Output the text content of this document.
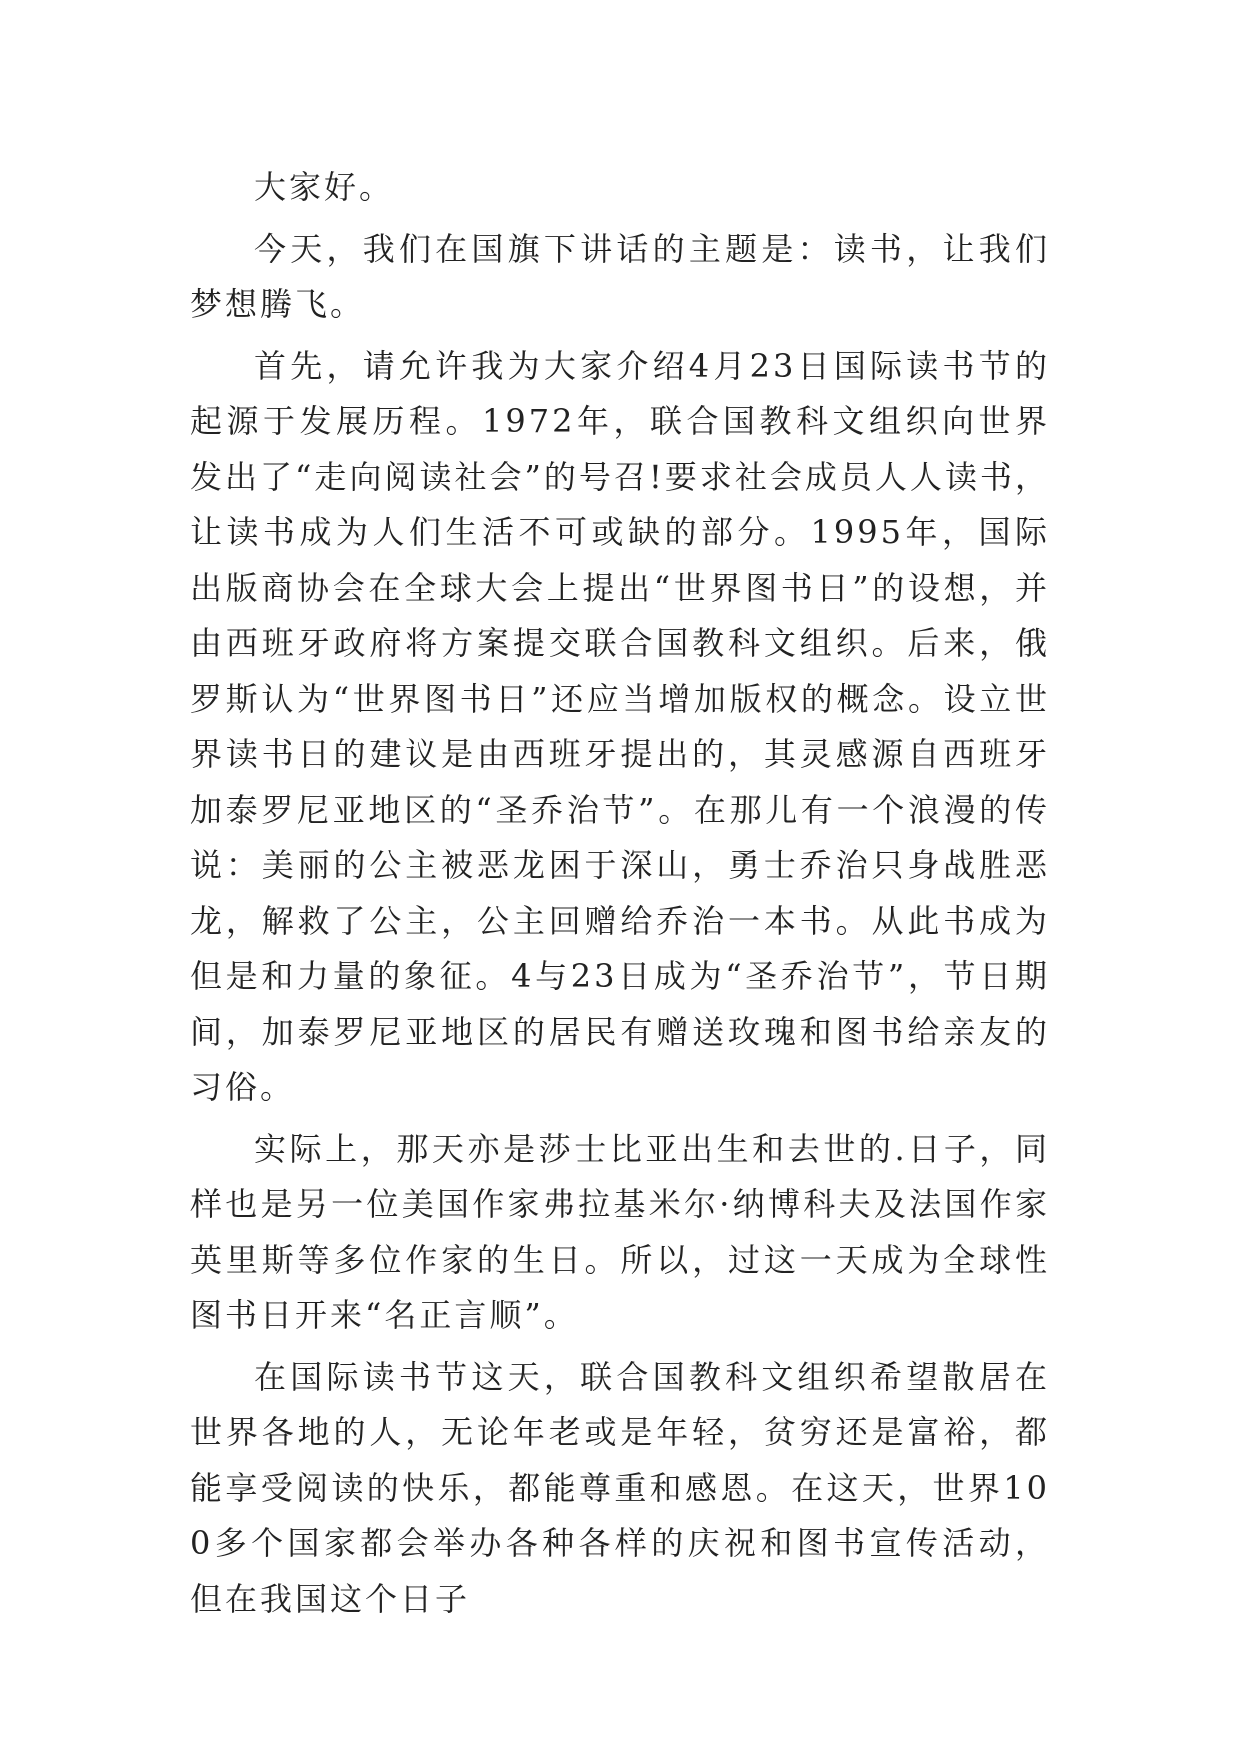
大家好。

今天，我们在国旗下讲话的主题是：读书，让我们梦想腾飞。

首先，请允许我为大家介绍4月23日国际读书节的起源于发展历程。1972年，联合国教科文组织向世界发出了“走向阅读社会”的号召!要求社会成员人人读书，让读书成为人们生活不可或缺的部分。1995年，国际出版商协会在全球大会上提出“世界图书日”的设想，并由西班牙政府将方案提交联合国教科文组织。后来，俄罗斯认为“世界图书日”还应当增加版权的概念。设立世界读书日的建议是由西班牙提出的，其灵感源自西班牙加泰罗尼亚地区的“圣乔治节”。在那儿有一个浪漫的传说：美丽的公主被恶龙困于深山，勇士乔治只身战胜恶龙，解救了公主，公主回赠给乔治一本书。从此书成为但是和力量的象征。4与23日成为“圣乔治节”，节日期间，加泰罗尼亚地区的居民有赠送玫瑰和图书给亲友的习俗。

实际上，那天亦是莎士比亚出生和去世的.日子，同样也是另一位美国作家弗拉基米尔·纳博科夫及法国作家英里斯等多位作家的生日。所以，过这一天成为全球性图书日开来“名正言顺”。

在国际读书节这天，联合国教科文组织希望散居在世界各地的人，无论年老或是年轻，贫穷还是富裕，都能享受阅读的快乐，都能尊重和感恩。在这天，世界100多个国家都会举办各种各样的庆祝和图书宣传活动，但在我国这个日子
